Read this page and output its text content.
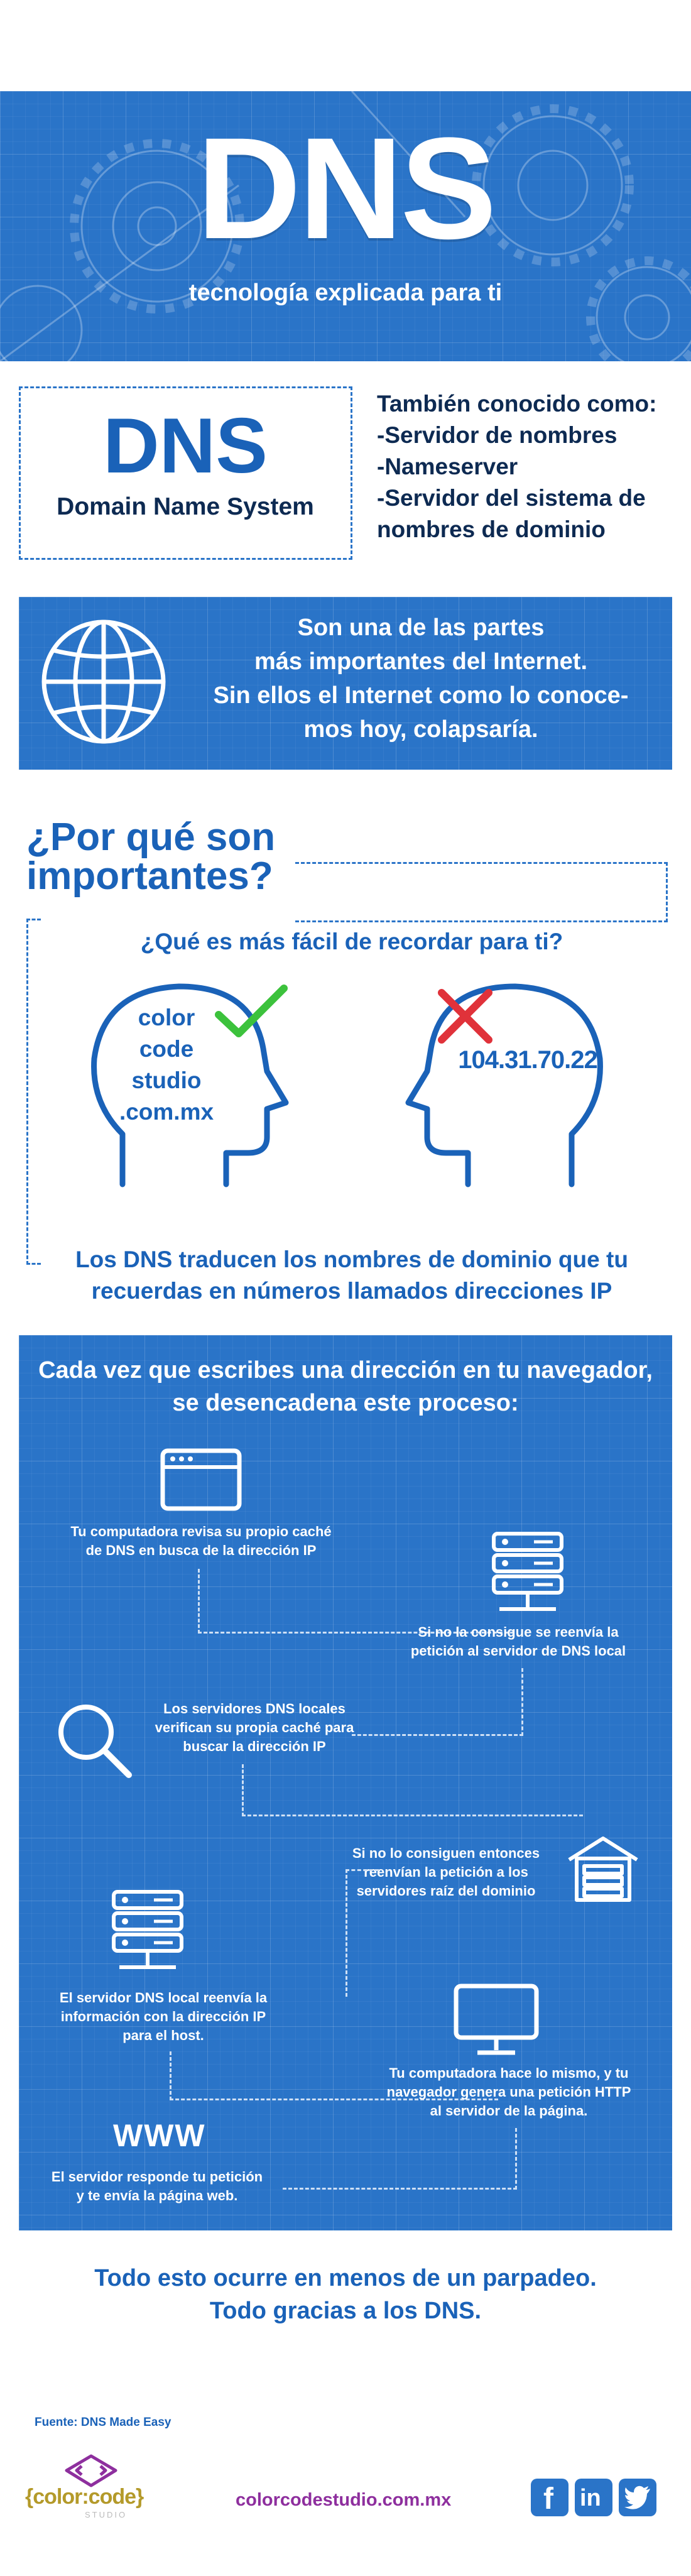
DNS
tecnología explicada para ti
DNS
Domain Name System
También conocido como:
-Servidor de nombres
-Nameserver
-Servidor del sistema de
nombres de dominio
Son una de las partes
más importantes del Internet.
Sin ellos el Internet como lo conoce-
mos hoy, colapsaría.
¿Por qué son
importantes?
¿Qué es más fácil de recordar para ti?
color
code
studio
.com.mx
104.31.70.22
Los DNS traducen los nombres de dominio que tu
recuerdas en números llamados direcciones IP
Cada vez que escribes una dirección en tu navegador,
se desencadena este proceso:
Tu computadora revisa su propio caché
de DNS en busca de la dirección IP
Si no la consigue se reenvía la
petición al servidor de DNS local
Los servidores DNS locales
verifican su propia caché para
buscar la dirección IP
Si no lo consiguen entonces
reenvían la petición a los
servidores raíz del dominio
El servidor DNS local reenvía la
información con la dirección IP
para el host.
Tu computadora hace lo mismo, y tu
navegador genera una petición HTTP
al servidor de la página.
WWW
El servidor responde tu petición
y te envía la página web.
Todo esto ocurre en menos de un parpadeo.
Todo gracias a los DNS.
Fuente: DNS Made Easy
{color:code}
STUDIO
colorcodestudio.com.mx	f in
